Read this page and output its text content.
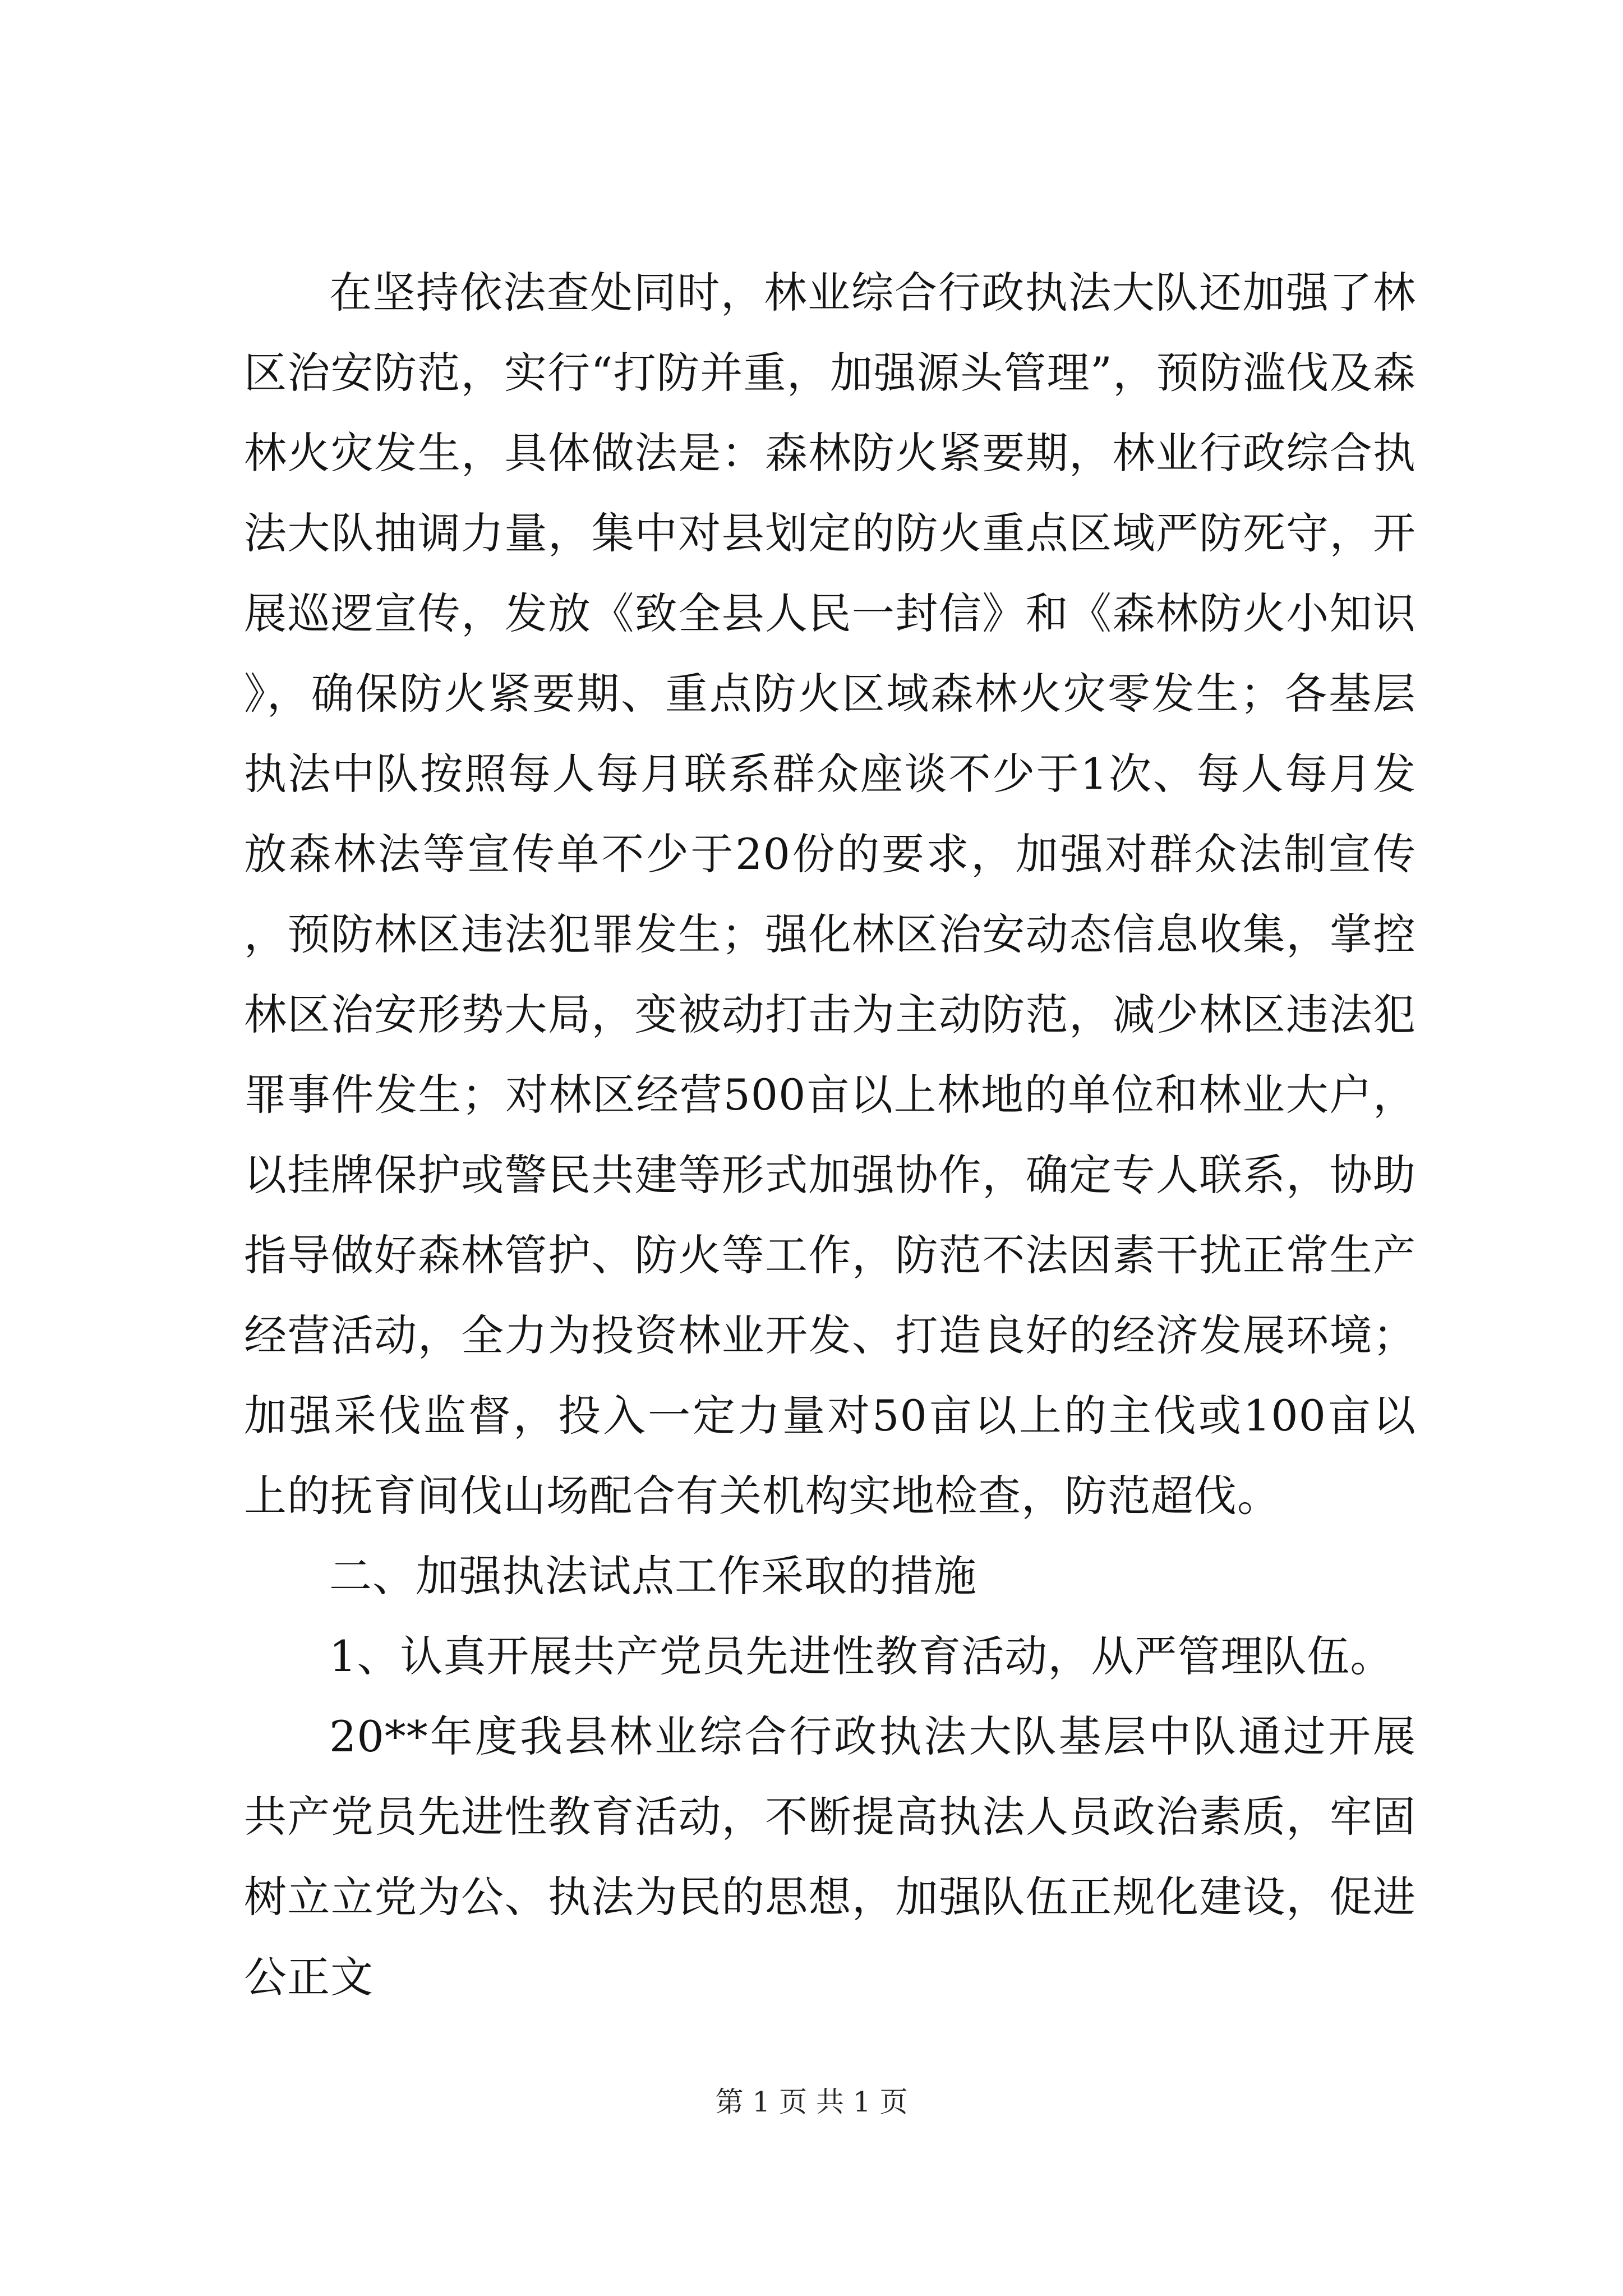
在坚持依法查处同时，林业综合行政执法大队还加强了林区治安防范，实行“打防并重，加强源头管理”，预防滥伐及森林火灾发生，具体做法是：森林防火紧要期，林业行政综合执法大队抽调力量，集中对县划定的防火重点区域严防死守，开展巡逻宣传，发放《致全县人民一封信》和《森林防火小知识》，确保防火紧要期、重点防火区域森林火灾零发生；各基层执法中队按照每人每月联系群众座谈不少于1次、每人每月发放森林法等宣传单不少于20份的要求，加强对群众法制宣传，预防林区违法犯罪发生；强化林区治安动态信息收集，掌控林区治安形势大局，变被动打击为主动防范，减少林区违法犯罪事件发生；对林区经营500亩以上林地的单位和林业大户，以挂牌保护或警民共建等形式加强协作，确定专人联系，协助指导做好森林管护、防火等工作，防范不法因素干扰正常生产经营活动，全力为投资林业开发、打造良好的经济发展环境；加强采伐监督，投入一定力量对50亩以上的主伐或100亩以上的抚育间伐山场配合有关机构实地检查，防范超伐。

二、加强执法试点工作采取的措施

1、认真开展共产党员先进性教育活动，从严管理队伍。

20**年度我县林业综合行政执法大队基层中队通过开展共产党员先进性教育活动，不断提高执法人员政治素质，牢固树立立党为公、执法为民的思想，加强队伍正规化建设，促进公正文

第 1 页 共 1 页
